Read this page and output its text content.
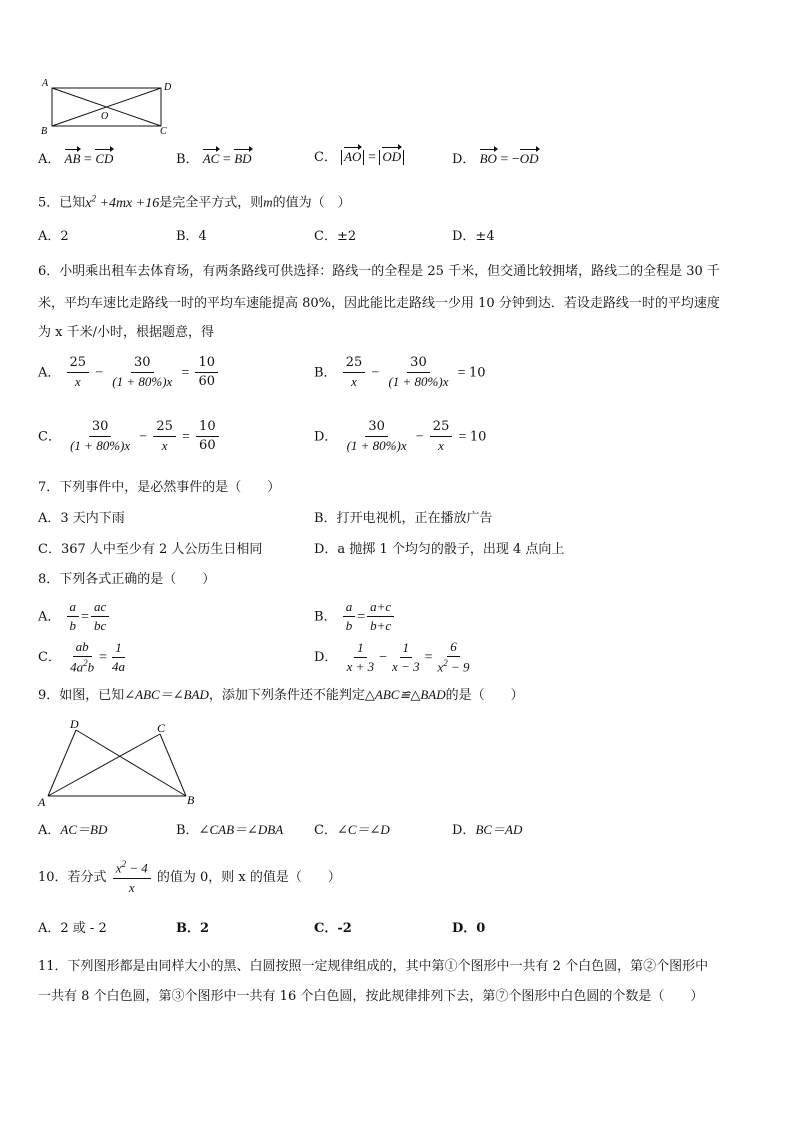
A	D
B	C
O
A． AB = CD	B． AC = BD	C． AO = OD	D． BO = −OD
5．已知$x^2 +4mx +16$是完全平方式，则m的值为（　）
A．2	B．4	C．±2	D．±4
6．小明乘出租车去体育场，有两条路线可供选择：路线一的全程是 25 千米，但交通比较拥堵，路线二的全程是 30 千
米，平均车速比走路线一时的平均车速能提高 80%，因此能比走路线一少用 10 分钟到达．若设走路线一时的平均速度
为 x 千米/小时，根据题意，得
A． $\frac{25}{x} - \frac{30}{(1 + 80\%)x} = \frac{10}{60}$	B． $\frac{25}{x} - \frac{30}{(1 + 80\%)x} = 10$
C． $\frac{30}{(1 + 80\%)x} - \frac{25}{x} = \frac{10}{60}$	D． $\frac{30}{(1 + 80\%)x} - \frac{25}{x} = 10$
7．下列事件中，是必然事件的是（　　）
A．3 天内下雨	B．打开电视机，正在播放广告
C．367 人中至少有 2 人公历生日相同	D．a 抛掷 1 个均匀的骰子，出现 4 点向上
8．下列各式正确的是（　　）
A． $\frac{a}{b} = \frac{ac}{bc}$	B． $\frac{a}{b} = \frac{a+c}{b+c}$
C． $\frac{ab}{4a^2b} = \frac{1}{4a}$	D． $\frac{1}{x + 3} - \frac{1}{x - 3} = \frac{6}{x^2 - 9}$
9．如图，已知∠ABC＝∠BAD，添加下列条件还不能判定△ABC≌△BAD的是（　　）
D	C
A	B
A．AC＝BD	B．∠CAB＝∠DBA C．∠C＝∠D	D．BC＝AD
10．若分式 $\frac{x^2 - 4}{x}$ 的值为 0，则 x 的值是（　　）
A．2 或 - 2	B．2	C．-2	D．0
11．下列图形都是由同样大小的黑、白圆按照一定规律组成的，其中第①个图形中一共有 2 个白色圆，第②个图形中
一共有 8 个白色圆，第③个图形中一共有 16 个白色圆，按此规律排列下去，第⑦个图形中白色圆的个数是（　　）
